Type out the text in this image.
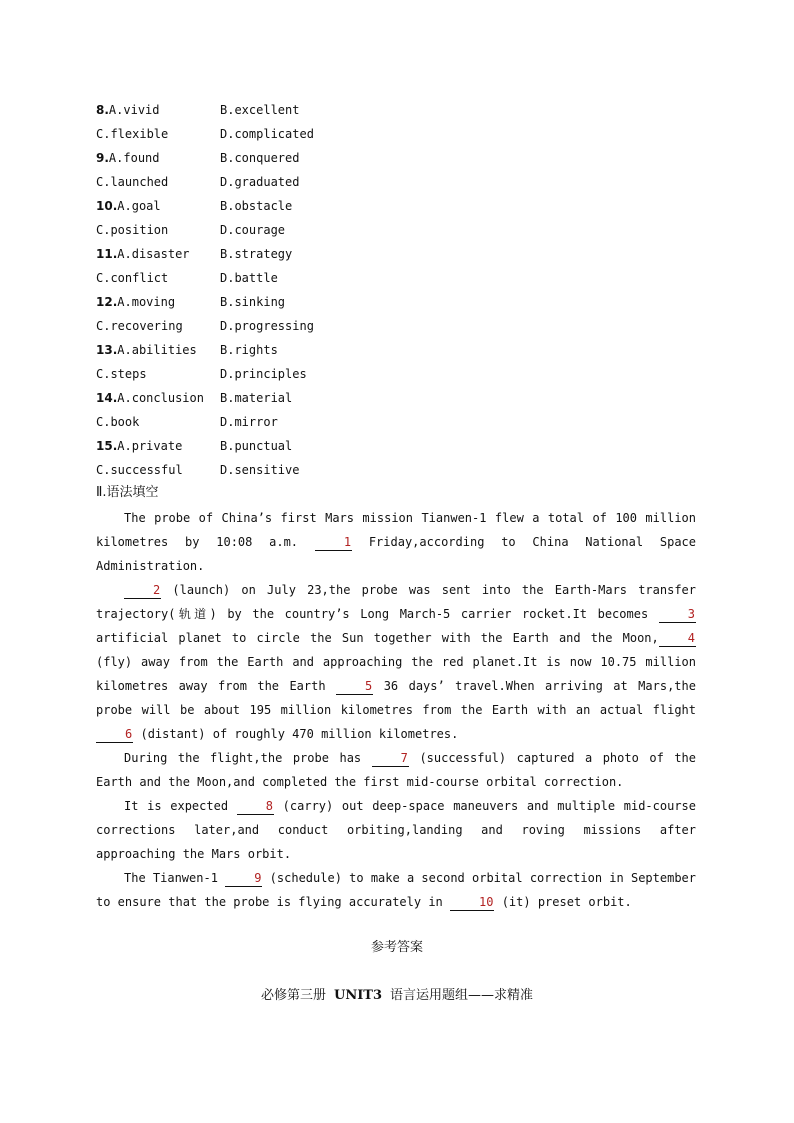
8.A.vivid	B.excellent
C.flexible	D.complicated
9.A.found	B.conquered
C.launched	D.graduated
10.A.goal	B.obstacle
C.position	D.courage
11.A.disaster	B.strategy
C.conflict	D.battle
12.A.moving	B.sinking
C.recovering	D.progressing
13.A.abilities B.rights
C.steps	D.principles
14.A.conclusion B.material
C.book	D.mirror
15.A.private	B.punctual
C.successful	D.sensitive
Ⅱ.语法填空

The probe of China’s first Mars mission Tianwen-1 flew a total of 100 million kilometres by 10:08 a.m.	1 Friday,according to China National Space Administration.

2 (launch) on July 23,the probe was sent into the Earth-Mars transfer trajectory(轨道) by the country’s Long March-5 carrier rocket.It becomes	3 artificial planet to circle the Sun together with the Earth and the Moon, 4 (fly) away from the Earth and approaching the red planet.It is now 10.75 million kilometres away from the Earth	5 36 days’ travel.When arriving at Mars,the probe will be about 195 million kilometres from the Earth with an actual flight 6 (distant) of roughly 470 million kilometres.

During the flight,the probe has	7 (successful) captured a photo of the Earth and the Moon,and completed the first mid-course orbital correction.

It is expected	8 (carry) out deep-space maneuvers and multiple mid-course corrections later,and conduct orbiting,landing and roving missions after approaching the Mars orbit.

The Tianwen-1	9 (schedule) to make a second orbital correction in September to ensure that the probe is flying accurately in	10 (it) preset orbit.

参考答案
必修第三册 UNIT3 语言运用题组——求精准
